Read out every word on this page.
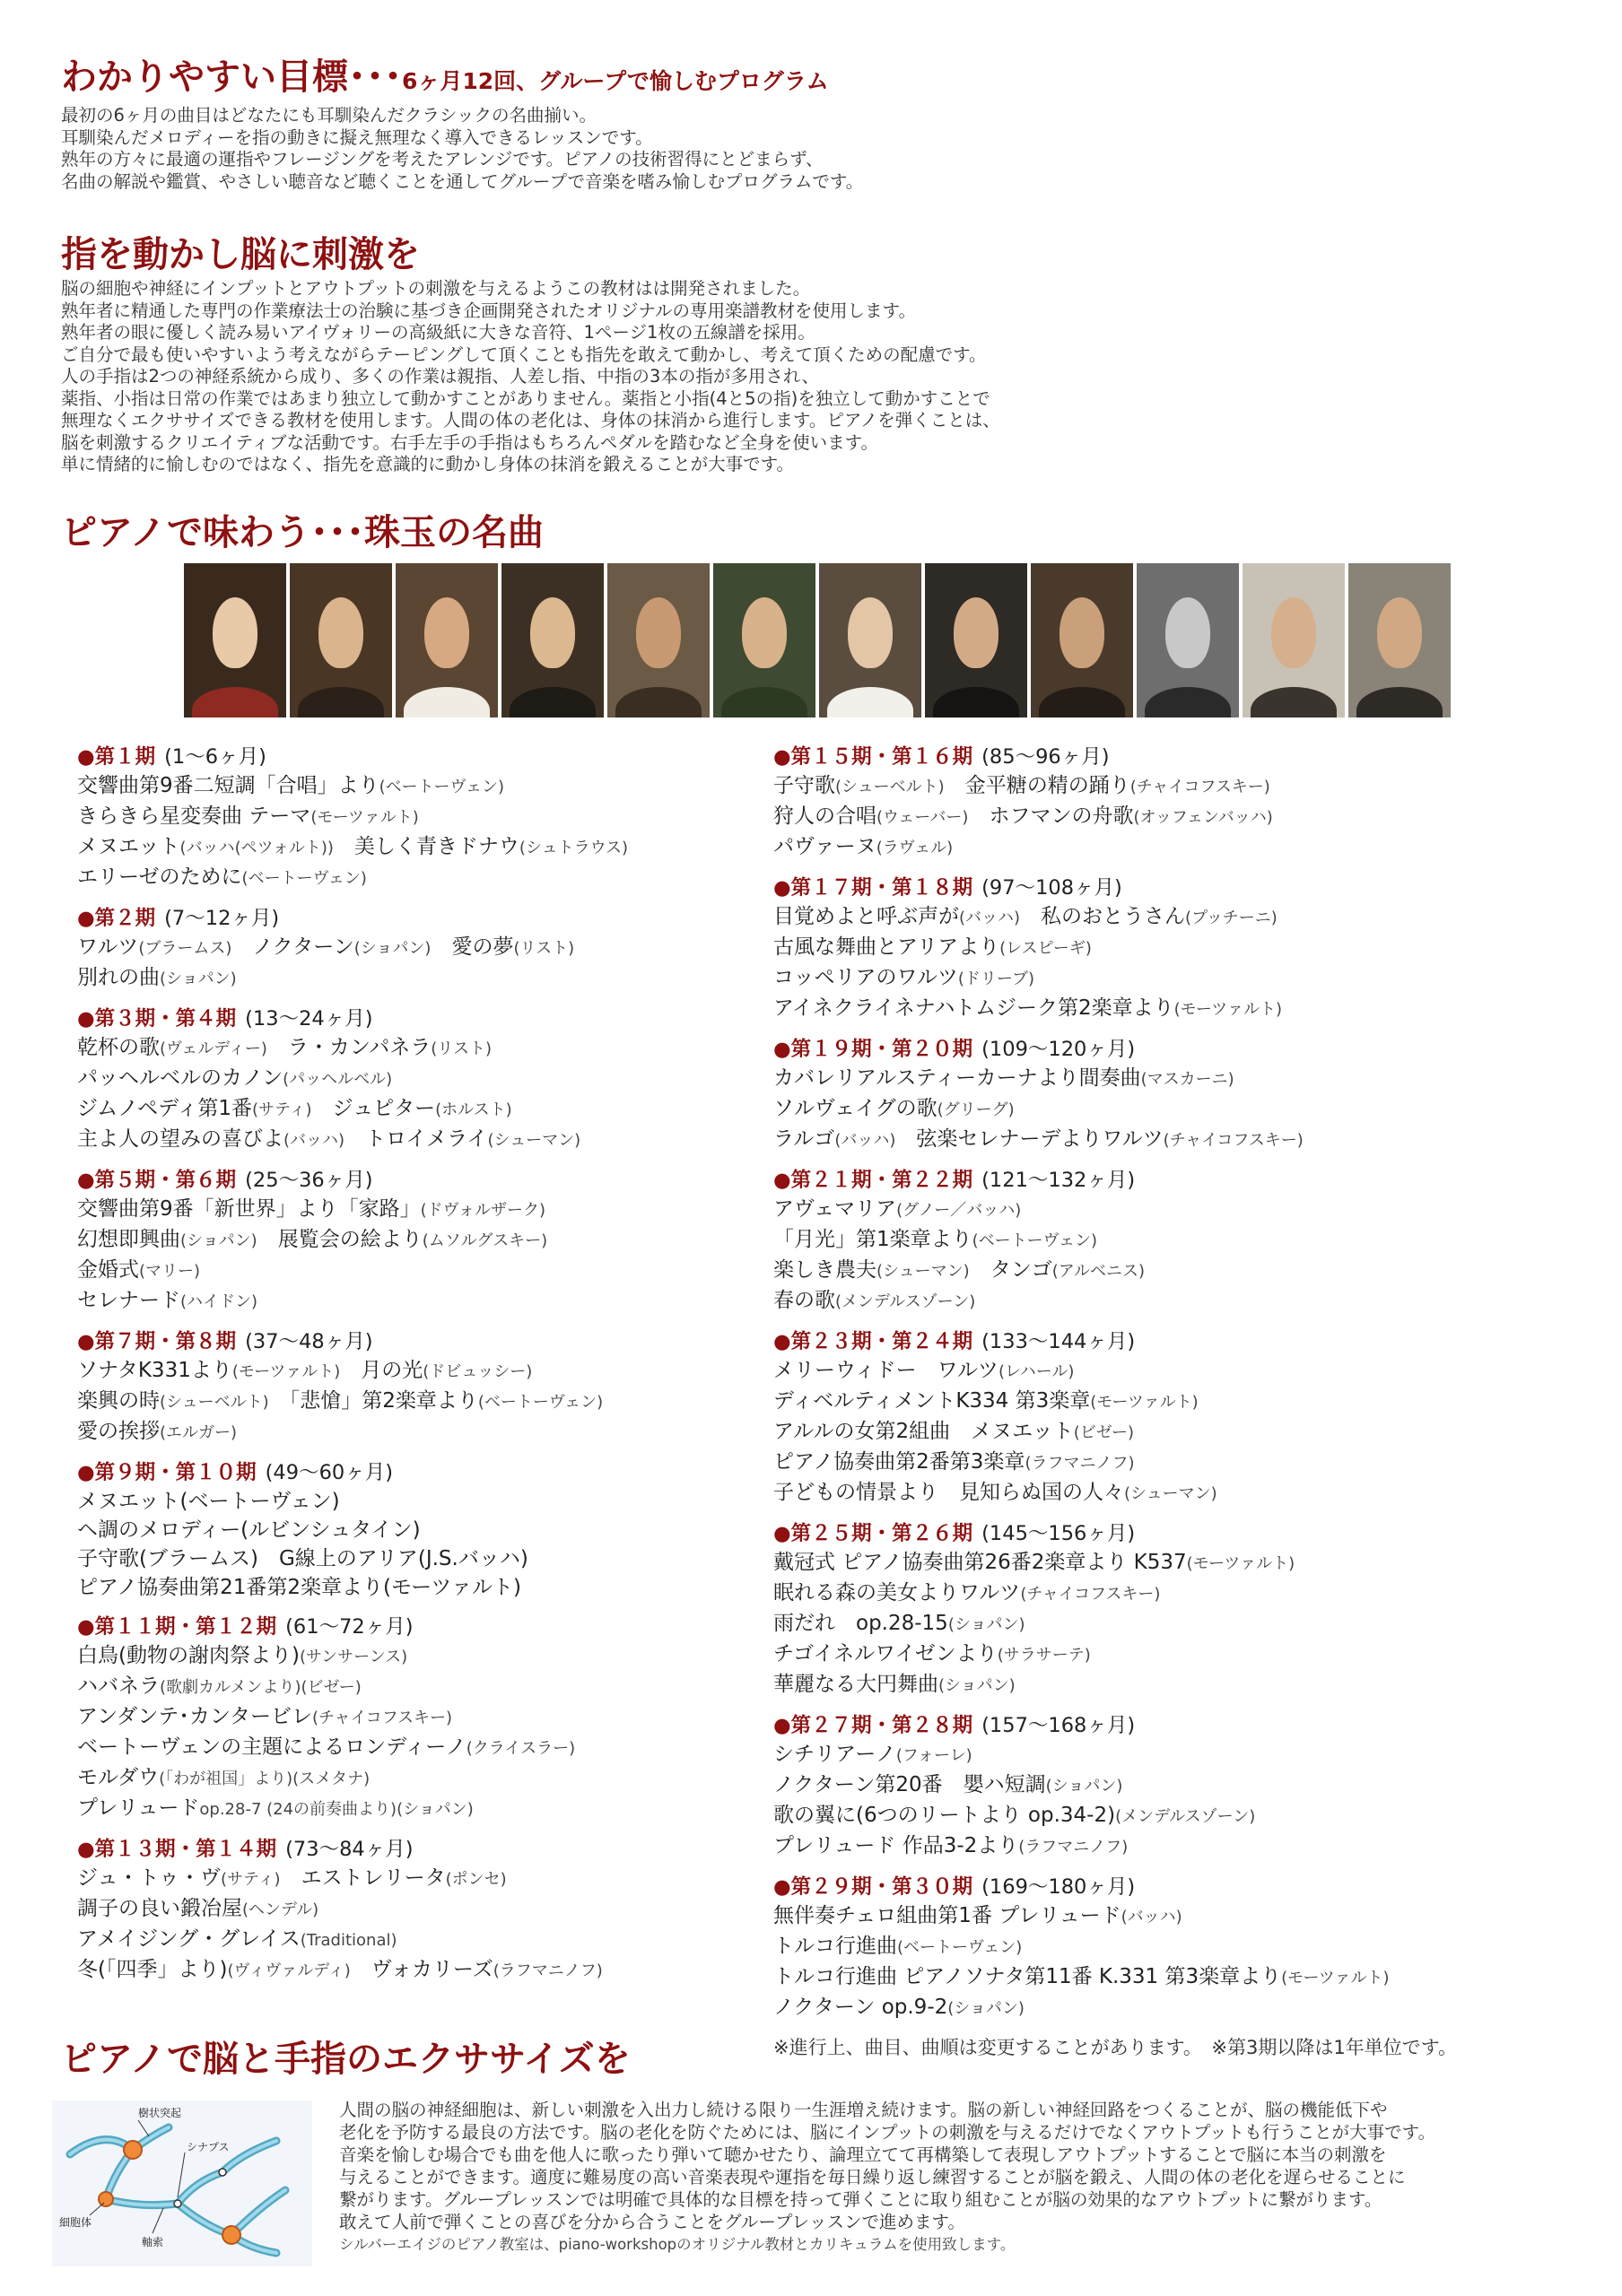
わかりやすい目標･･･6ヶ月12回、グループで愉しむプログラム
最初の6ヶ月の曲目はどなたにも耳馴染んだクラシックの名曲揃い。
耳馴染んだメロディーを指の動きに擬え無理なく導入できるレッスンです。
熟年の方々に最適の運指やフレージングを考えたアレンジです。ピアノの技術習得にとどまらず、
名曲の解説や鑑賞、やさしい聴音など聴くことを通してグループで音楽を嗜み愉しむプログラムです。
指を動かし脳に刺激を
脳の細胞や神経にインプットとアウトプットの刺激を与えるようこの教材はは開発されました。
熟年者に精通した専門の作業療法士の治験に基づき企画開発されたオリジナルの専用楽譜教材を使用します。
熟年者の眼に優しく読み易いアイヴォリーの高級紙に大きな音符、1ページ1枚の五線譜を採用。
ご自分で最も使いやすいよう考えながらテーピングして頂くことも指先を敢えて動かし、考えて頂くための配慮です。
人の手指は2つの神経系統から成り、多くの作業は親指、人差し指、中指の3本の指が多用され、
薬指、小指は日常の作業ではあまり独立して動かすことがありません。薬指と小指(4と5の指)を独立して動かすことで
無理なくエクササイズできる教材を使用します。人間の体の老化は、身体の抹消から進行します。ピアノを弾くことは、
脳を刺激するクリエイティブな活動です。右手左手の手指はもちろんペダルを踏むなど全身を使います。
単に情緒的に愉しむのではなく、指先を意識的に動かし身体の抹消を鍛えることが大事です。
ピアノで味わう･･･珠玉の名曲
●第１期 (1～6ヶ月)
交響曲第9番二短調「合唱」より(ベートーヴェン)
きらきら星変奏曲 テーマ(モーツァルト)
メヌエット(バッハ(ペツォルト))　 美しく青きドナウ(シュトラウス)
エリーゼのために(ベートーヴェン)
●第２期 (7～12ヶ月)
ワルツ(ブラームス)　 ノクターン(ショパン)　 愛の夢(リスト)
別れの曲(ショパン)
●第３期・第４期 (13～24ヶ月)
乾杯の歌(ヴェルディー)　 ラ・カンパネラ(リスト)
パッヘルベルのカノン(パッヘルベル)
ジムノペディ第1番(サティ)　 ジュピター(ホルスト)
主よ人の望みの喜びよ(バッハ)　 トロイメライ(シューマン)
●第５期・第６期 (25～36ヶ月)
交響曲第9番「新世界」より「家路」(ドヴォルザーク)
幻想即興曲(ショパン)　 展覧会の絵より(ムソルグスキー)
金婚式(マリー)
セレナード(ハイドン)
●第７期・第８期 (37～48ヶ月)
ソナタK331より(モーツァルト)　 月の光(ドビュッシー)
楽興の時(シューベルト)　 「悲愴」第2楽章より(ベートーヴェン)
愛の挨拶(エルガー)
●第９期・第１０期 (49～60ヶ月)
メヌエット(ベートーヴェン)
ヘ調のメロディー(ルビンシュタイン)
子守歌(ブラームス)　 G線上のアリア(J.S.バッハ)
ピアノ協奏曲第21番第2楽章より(モーツァルト)
●第１１期・第１２期 (61～72ヶ月)
白鳥(動物の謝肉祭より)(サンサーンス)
ハバネラ(歌劇カルメンより)(ビゼー)
アンダンテ･カンタービレ(チャイコフスキー)
ベートーヴェンの主題によるロンディーノ(クライスラー)
モルダウ(「わが祖国」より)(スメタナ)
プレリュードop.28-7 (24の前奏曲より)(ショパン)
●第１３期・第１４期 (73～84ヶ月)
ジュ・トゥ・ヴ(サティ)　 エストレリータ(ポンセ)
調子の良い鍛冶屋(ヘンデル)
アメイジング・グレイス(Traditional)
冬(「四季」より)(ヴィヴァルディ)　 ヴォカリーズ(ラフマニノフ)
●第１５期・第１６期 (85～96ヶ月)
子守歌(シューベルト)　 金平糖の精の踊り(チャイコフスキー)
狩人の合唱(ウェーバー)　 ホフマンの舟歌(オッフェンバッハ)
パヴァーヌ(ラヴェル)
●第１７期・第１８期 (97～108ヶ月)
目覚めよと呼ぶ声が(バッハ)　 私のおとうさん(プッチーニ)
古風な舞曲とアリアより(レスピーギ)
コッペリアのワルツ(ドリーブ)
アイネクライネナハトムジーク第2楽章より(モーツァルト)
●第１９期・第２０期 (109～120ヶ月)
カバレリアルスティーカーナより間奏曲(マスカーニ)
ソルヴェイグの歌(グリーグ)
ラルゴ(バッハ)　 弦楽セレナーデよりワルツ(チャイコフスキー)
●第２１期・第２２期 (121～132ヶ月)
アヴェマリア(グノー／バッハ)
「月光」第1楽章より(ベートーヴェン)
楽しき農夫(シューマン)　 タンゴ(アルベニス)
春の歌(メンデルスゾーン)
●第２３期・第２４期 (133～144ヶ月)
メリーウィドー　ワルツ(レハール)
ディベルティメントK334 第3楽章(モーツァルト)
アルルの女第2組曲　メヌエット(ビゼー)
ピアノ協奏曲第2番第3楽章(ラフマニノフ)
子どもの情景より　見知らぬ国の人々(シューマン)
●第２５期・第２６期 (145～156ヶ月)
戴冠式 ピアノ協奏曲第26番2楽章より K537(モーツァルト)
眠れる森の美女よりワルツ(チャイコフスキー)
雨だれ　op.28-15(ショパン)
チゴイネルワイゼンより(サラサーテ)
華麗なる大円舞曲(ショパン)
●第２７期・第２８期 (157～168ヶ月)
シチリアーノ(フォーレ)
ノクターン第20番　嬰ハ短調(ショパン)
歌の翼に(6つのリートより op.34-2)(メンデルスゾーン)
プレリュード 作品3-2より(ラフマニノフ)
●第２９期・第３０期 (169～180ヶ月)
無伴奏チェロ組曲第1番 プレリュード(バッハ)
トルコ行進曲(ベートーヴェン)
トルコ行進曲 ピアノソナタ第11番 K.331 第3楽章より(モーツァルト)
ノクターン op.9-2(ショパン)
※進行上、曲目、曲順は変更することがあります。　※第3期以降は1年単位です。
ピアノで脳と手指のエクササイズを
樹状突起
シナプス
細胞体
軸索
人間の脳の神経細胞は、新しい刺激を入出力し続ける限り一生涯増え続けます。脳の新しい神経回路をつくることが、脳の機能低下や
老化を予防する最良の方法です。脳の老化を防ぐためには、脳にインプットの刺激を与えるだけでなくアウトプットも行うことが大事です。
音楽を愉しむ場合でも曲を他人に歌ったり弾いて聴かせたり、論理立てて再構築して表現しアウトプットすることで脳に本当の刺激を
与えることができます。適度に難易度の高い音楽表現や運指を毎日繰り返し練習することが脳を鍛え、人間の体の老化を遅らせることに
繋がります。グループレッスンでは明確で具体的な目標を持って弾くことに取り組むことが脳の効果的なアウトプットに繋がります。
敢えて人前で弾くことの喜びを分から合うことをグループレッスンで進めます。
シルバーエイジのピアノ教室は、piano-workshopのオリジナル教材とカリキュラムを使用致します。
